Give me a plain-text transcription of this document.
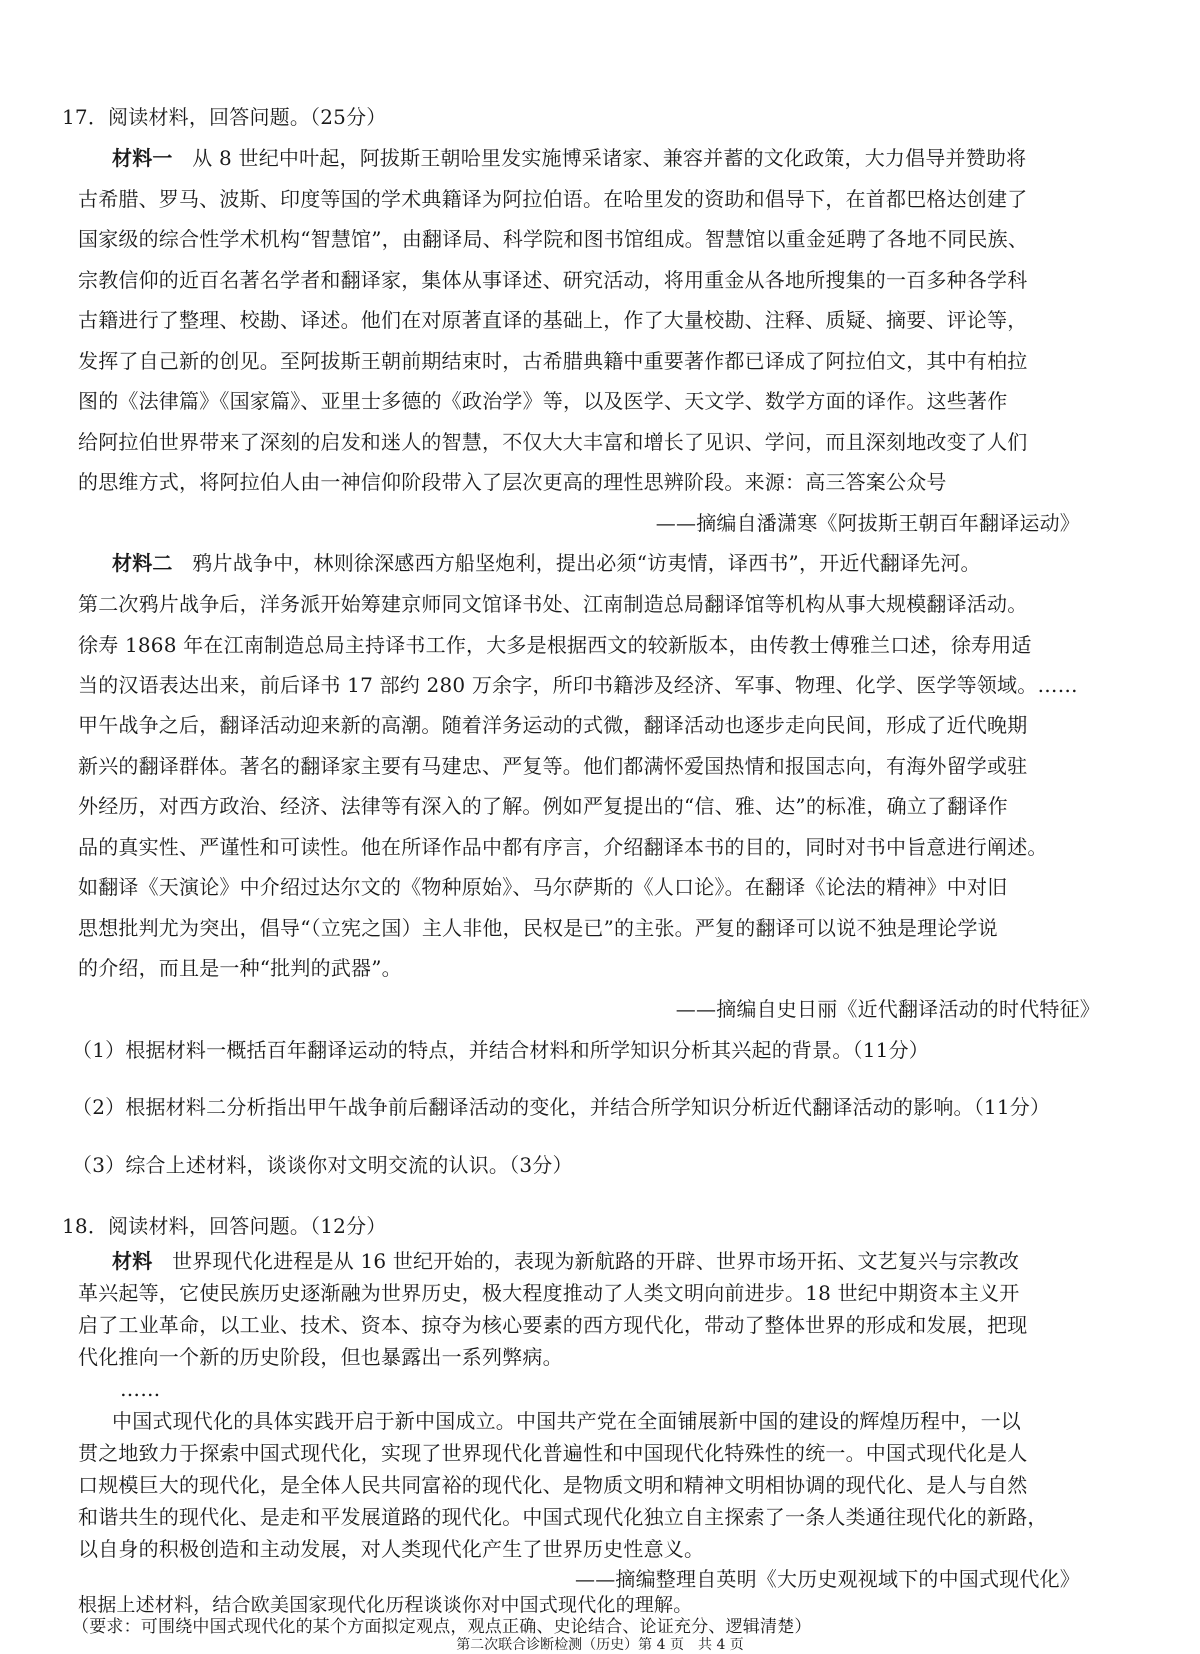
17．阅读材料，回答问题。（25分）
材料一 从 8 世纪中叶起，阿拔斯王朝哈里发实施博采诸家、兼容并蓄的文化政策，大力倡导并赞助将
古希腊、罗马、波斯、印度等国的学术典籍译为阿拉伯语。在哈里发的资助和倡导下，在首都巴格达创建了
国家级的综合性学术机构“智慧馆”，由翻译局、科学院和图书馆组成。智慧馆以重金延聘了各地不同民族、
宗教信仰的近百名著名学者和翻译家，集体从事译述、研究活动，将用重金从各地所搜集的一百多种各学科
古籍进行了整理、校勘、译述。他们在对原著直译的基础上，作了大量校勘、注释、质疑、摘要、评论等，
发挥了自己新的创见。至阿拔斯王朝前期结束时，古希腊典籍中重要著作都已译成了阿拉伯文，其中有柏拉
图的《法律篇》《国家篇》、亚里士多德的《政治学》等，以及医学、天文学、数学方面的译作。这些著作
给阿拉伯世界带来了深刻的启发和迷人的智慧，不仅大大丰富和增长了见识、学问，而且深刻地改变了人们
的思维方式，将阿拉伯人由一神信仰阶段带入了层次更高的理性思辨阶段。来源：高三答案公众号
——摘编自潘潇寒《阿拔斯王朝百年翻译运动》
材料二 鸦片战争中，林则徐深感西方船坚炮利，提出必须“访夷情，译西书”，开近代翻译先河。
第二次鸦片战争后，洋务派开始筹建京师同文馆译书处、江南制造总局翻译馆等机构从事大规模翻译活动。
徐寿 1868 年在江南制造总局主持译书工作，大多是根据西文的较新版本，由传教士傅雅兰口述，徐寿用适
当的汉语表达出来，前后译书 17 部约 280 万余字，所印书籍涉及经济、军事、物理、化学、医学等领域。……
甲午战争之后，翻译活动迎来新的高潮。随着洋务运动的式微，翻译活动也逐步走向民间，形成了近代晚期
新兴的翻译群体。著名的翻译家主要有马建忠、严复等。他们都满怀爱国热情和报国志向，有海外留学或驻
外经历，对西方政治、经济、法律等有深入的了解。例如严复提出的“信、雅、达”的标准，确立了翻译作
品的真实性、严谨性和可读性。他在所译作品中都有序言，介绍翻译本书的目的，同时对书中旨意进行阐述。
如翻译《天演论》中介绍过达尔文的《物种原始》、马尔萨斯的《人口论》。在翻译《论法的精神》中对旧
思想批判尤为突出，倡导“（立宪之国）主人非他，民权是已”的主张。严复的翻译可以说不独是理论学说
的介绍，而且是一种“批判的武器”。
——摘编自史日丽《近代翻译活动的时代特征》
（1）根据材料一概括百年翻译运动的特点，并结合材料和所学知识分析其兴起的背景。（11分）
（2）根据材料二分析指出甲午战争前后翻译活动的变化，并结合所学知识分析近代翻译活动的影响。（11分）
（3）综合上述材料，谈谈你对文明交流的认识。（3分）
18．阅读材料，回答问题。（12分）
材料 世界现代化进程是从 16 世纪开始的，表现为新航路的开辟、世界市场开拓、文艺复兴与宗教改
革兴起等，它使民族历史逐渐融为世界历史，极大程度推动了人类文明向前进步。18 世纪中期资本主义开
启了工业革命，以工业、技术、资本、掠夺为核心要素的西方现代化，带动了整体世界的形成和发展，把现
代化推向一个新的历史阶段，但也暴露出一系列弊病。
……
中国式现代化的具体实践开启于新中国成立。中国共产党在全面铺展新中国的建设的辉煌历程中，一以
贯之地致力于探索中国式现代化，实现了世界现代化普遍性和中国现代化特殊性的统一。中国式现代化是人
口规模巨大的现代化，是全体人民共同富裕的现代化、是物质文明和精神文明相协调的现代化、是人与自然
和谐共生的现代化、是走和平发展道路的现代化。中国式现代化独立自主探索了一条人类通往现代化的新路，
以自身的积极创造和主动发展，对人类现代化产生了世界历史性意义。
——摘编整理自英明《大历史观视域下的中国式现代化》
根据上述材料，结合欧美国家现代化历程谈谈你对中国式现代化的理解。
（要求：可围绕中国式现代化的某个方面拟定观点，观点正确、史论结合、论证充分、逻辑清楚）
第二次联合诊断检测（历史）第 4 页　共 4 页
